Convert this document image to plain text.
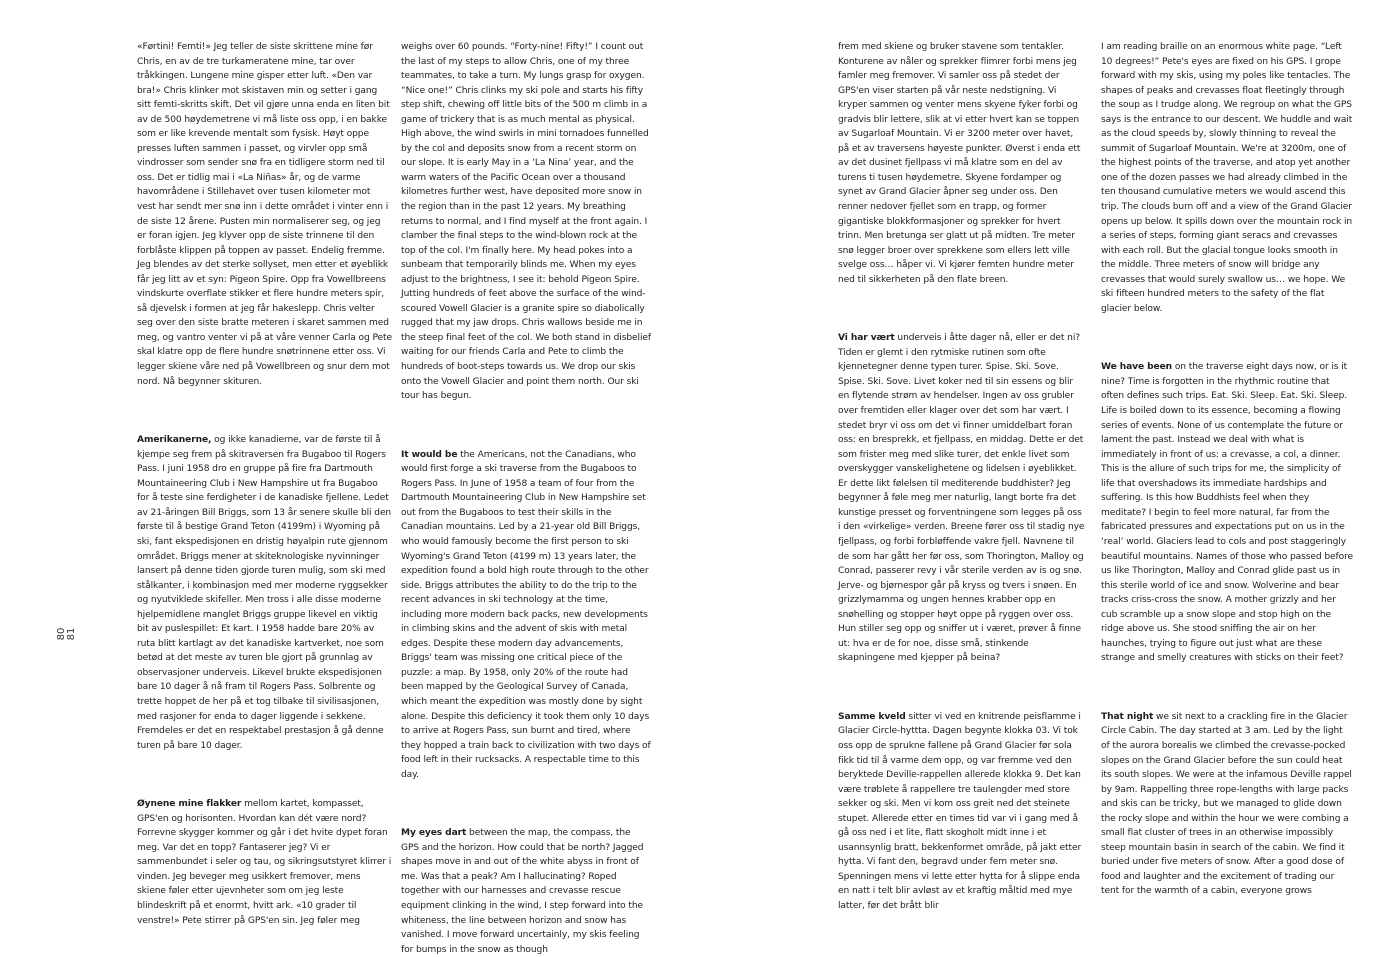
80 81

«Førtini! Femti!» Jeg teller de siste skrittene mine før Chris, en av de tre turkameratene mine, tar over tråkkingen. Lungene mine gisper etter luft. «Den var bra!» Chris klinker mot skistaven min og setter i gang sitt femti-skritts skift. Det vil gjøre unna enda en liten bit av de 500 høydemetrene vi må liste oss opp, i en bakke som er like krevende mentalt som fysisk. Høyt oppe presses luften sammen i passet, og virvler opp små vindrosser som sender snø fra en tidligere storm ned til oss. Det er tidlig mai i «La Niñas» år, og de varme havområdene i Stillehavet over tusen kilometer mot vest har sendt mer snø inn i dette området i vinter enn i de siste 12 årene. Pusten min normaliserer seg, og jeg er foran igjen. Jeg klyver opp de siste trinnene til den forblåste klippen på toppen av passet. Endelig fremme. Jeg blendes av det sterke sollyset, men etter et øyeblikk får jeg litt av et syn: Pigeon Spire. Opp fra Vowellbreens vindskurte overflate stikker et flere hundre meters spir, så djevelsk i formen at jeg får hakeslepp. Chris velter seg over den siste bratte meteren i skaret sammen med meg, og vantro venter vi på at våre venner Carla og Pete skal klatre opp de flere hundre snøtrinnene etter oss. Vi legger skiene våre ned på Vowellbreen og snur dem mot nord. Nå begynner skituren.

Amerikanerne, og ikke kanadierne, var de første til å kjempe seg frem på skitraversen fra Bugaboo til Rogers Pass. I juni 1958 dro en gruppe på fire fra Dartmouth Mountaineering Club i New Hampshire ut fra Bugaboo for å teste sine ferdigheter i de kanadiske fjellene. Ledet av 21-åringen Bill Briggs, som 13 år senere skulle bli den første til å bestige Grand Teton (4199m) i Wyoming på ski, fant ekspedisjonen en dristig høyalpin rute gjennom området. Briggs mener at skiteknologiske nyvinninger lansert på denne tiden gjorde turen mulig, som ski med stålkanter, i kombinasjon med mer moderne ryggsekker og nyutviklede skifeller. Men tross i alle disse moderne hjelpemidlene manglet Briggs gruppe likevel en viktig bit av puslespillet: Et kart. I 1958 hadde bare 20% av ruta blitt kartlagt av det kanadiske kartverket, noe som betød at det meste av turen ble gjort på grunnlag av observasjoner underveis. Likevel brukte ekspedisjonen bare 10 dager å nå fram til Rogers Pass. Solbrente og trette hoppet de her på et tog tilbake til sivilisasjonen, med rasjoner for enda to dager liggende i sekkene. Fremdeles er det en respektabel prestasjon å gå denne turen på bare 10 dager.

Øynene mine flakker mellom kartet, kompasset, GPS'en og horisonten. Hvordan kan dét være nord? Forrevne skygger kommer og går i det hvite dypet foran meg. Var det en topp? Fantaserer jeg? Vi er sammenbundet i seler og tau, og sikringsutstyret klirrer i vinden. Jeg beveger meg usikkert fremover, mens skiene føler etter ujevnheter som om jeg leste blindeskrift på et enormt, hvitt ark. «10 grader til venstre!» Pete stirrer på GPS'en sin. Jeg føler meg

weighs over 60 pounds. “Forty-nine! Fifty!” I count out the last of my steps to allow Chris, one of my three teammates, to take a turn. My lungs grasp for oxygen. “Nice one!” Chris clinks my ski pole and starts his fifty step shift, chewing off little bits of the 500 m climb in a game of trickery that is as much mental as physical. High above, the wind swirls in mini tornadoes funnelled by the col and deposits snow from a recent storm on our slope. It is early May in a ‘La Nina’ year, and the warm waters of the Pacific Ocean over a thousand kilometres further west, have deposited more snow in the region than in the past 12 years. My breathing returns to normal, and I find myself at the front again. I clamber the final steps to the wind-blown rock at the top of the col. I'm finally here. My head pokes into a sunbeam that temporarily blinds me. When my eyes adjust to the brightness, I see it: behold Pigeon Spire. Jutting hundreds of feet above the surface of the wind-scoured Vowell Glacier is a granite spire so diabolically rugged that my jaw drops. Chris wallows beside me in the steep final feet of the col. We both stand in disbelief waiting for our friends Carla and Pete to climb the hundreds of boot-steps towards us. We drop our skis onto the Vowell Glacier and point them north. Our ski tour has begun.

It would be the Americans, not the Canadians, who would first forge a ski traverse from the Bugaboos to Rogers Pass. In June of 1958 a team of four from the Dartmouth Mountaineering Club in New Hampshire set out from the Bugaboos to test their skills in the Canadian mountains. Led by a 21-year old Bill Briggs, who would famously become the first person to ski Wyoming's Grand Teton (4199 m) 13 years later, the expedition found a bold high route through to the other side. Briggs attributes the ability to do the trip to the recent advances in ski technology at the time, including more modern back packs, new developments in climbing skins and the advent of skis with metal edges. Despite these modern day advancements, Briggs' team was missing one critical piece of the puzzle: a map. By 1958, only 20% of the route had been mapped by the Geological Survey of Canada, which meant the expedition was mostly done by sight alone. Despite this deficiency it took them only 10 days to arrive at Rogers Pass, sun burnt and tired, where they hopped a train back to civilization with two days of food left in their rucksacks. A respectable time to this day.

My eyes dart between the map, the compass, the GPS and the horizon. How could that be north? Jagged shapes move in and out of the white abyss in front of me. Was that a peak? Am I hallucinating? Roped together with our harnesses and crevasse rescue equipment clinking in the wind, I step forward into the whiteness, the line between horizon and snow has vanished. I move forward uncertainly, my skis feeling for bumps in the snow as though

frem med skiene og bruker stavene som tentakler. Konturene av nåler og sprekker flimrer forbi mens jeg famler meg fremover. Vi samler oss på stedet der GPS'en viser starten på vår neste nedstigning. Vi kryper sammen og venter mens skyene fyker forbi og gradvis blir lettere, slik at vi etter hvert kan se toppen av Sugarloaf Mountain. Vi er 3200 meter over havet, på et av traversens høyeste punkter. Øverst i enda ett av det dusinet fjellpass vi må klatre som en del av turens ti tusen høydemetre. Skyene fordamper og synet av Grand Glacier åpner seg under oss. Den renner nedover fjellet som en trapp, og former gigantiske blokkformasjoner og sprekker for hvert trinn. Men bretunga ser glatt ut på midten. Tre meter snø legger broer over sprekkene som ellers lett ville svelge oss… håper vi. Vi kjører femten hundre meter ned til sikkerheten på den flate breen.

Vi har vært underveis i åtte dager nå, eller er det ni? Tiden er glemt i den rytmiske rutinen som ofte kjennetegner denne typen turer. Spise. Ski. Sove. Spise. Ski. Sove. Livet koker ned til sin essens og blir en flytende strøm av hendelser. Ingen av oss grubler over fremtiden eller klager over det som har vært. I stedet bryr vi oss om det vi finner umiddelbart foran oss: en bresprekk, et fjellpass, en middag. Dette er det som frister meg med slike turer, det enkle livet som overskygger vanskelighetene og lidelsen i øyeblikket. Er dette likt følelsen til mediterende buddhister? Jeg begynner å føle meg mer naturlig, langt borte fra det kunstige presset og forventningene som legges på oss i den «virkelige» verden. Breene fører oss til stadig nye fjellpass, og forbi forbløffende vakre fjell. Navnene til de som har gått her før oss, som Thorington, Malloy og Conrad, passerer revy i vår sterile verden av is og snø. Jerve- og bjørnespor går på kryss og tvers i snøen. En grizzlymamma og ungen hennes krabber opp en snøhelling og stopper høyt oppe på ryggen over oss. Hun stiller seg opp og sniffer ut i været, prøver å finne ut: hva er de for noe, disse små, stinkende skapningene med kjepper på beina?

Samme kveld sitter vi ved en knitrende peisflamme i Glacier Circle-hyttta. Dagen begynte klokka 03. Vi tok oss opp de sprukne fallene på Grand Glacier før sola fikk tid til å varme dem opp, og var fremme ved den beryktede Deville-rappellen allerede klokka 9. Det kan være trøblete å rappellere tre taulengder med store sekker og ski. Men vi kom oss greit ned det steinete stupet. Allerede etter en times tid var vi i gang med å gå oss ned i et lite, flatt skogholt midt inne i et usannsynlig bratt, bekkenformet område, på jakt etter hytta. Vi fant den, begravd under fem meter snø. Spenningen mens vi lette etter hytta for å slippe enda en natt i telt blir avløst av et kraftig måltid med mye latter, før det brått blir

I am reading braille on an enormous white page. “Left 10 degrees!” Pete's eyes are fixed on his GPS. I grope forward with my skis, using my poles like tentacles. The shapes of peaks and crevasses float fleetingly through the soup as I trudge along. We regroup on what the GPS says is the entrance to our descent. We huddle and wait as the cloud speeds by, slowly thinning to reveal the summit of Sugarloaf Mountain. We're at 3200m, one of the highest points of the traverse, and atop yet another one of the dozen passes we had already climbed in the ten thousand cumulative meters we would ascend this trip. The clouds burn off and a view of the Grand Glacier opens up below. It spills down over the mountain rock in a series of steps, forming giant seracs and crevasses with each roll. But the glacial tongue looks smooth in the middle. Three meters of snow will bridge any crevasses that would surely swallow us… we hope. We ski fifteen hundred meters to the safety of the flat glacier below.

We have been on the traverse eight days now, or is it nine? Time is forgotten in the rhythmic routine that often defines such trips. Eat. Ski. Sleep. Eat. Ski. Sleep. Life is boiled down to its essence, becoming a flowing series of events. None of us contemplate the future or lament the past. Instead we deal with what is immediately in front of us: a crevasse, a col, a dinner. This is the allure of such trips for me, the simplicity of life that overshadows its immediate hardships and suffering. Is this how Buddhists feel when they meditate? I begin to feel more natural, far from the fabricated pressures and expectations put on us in the ‘real’ world. Glaciers lead to cols and post staggeringly beautiful mountains. Names of those who passed before us like Thorington, Malloy and Conrad glide past us in this sterile world of ice and snow. Wolverine and bear tracks criss-cross the snow. A mother grizzly and her cub scramble up a snow slope and stop high on the ridge above us. She stood sniffing the air on her haunches, trying to figure out just what are these strange and smelly creatures with sticks on their feet?

That night we sit next to a crackling fire in the Glacier Circle Cabin. The day started at 3 am. Led by the light of the aurora borealis we climbed the crevasse-pocked slopes on the Grand Glacier before the sun could heat its south slopes. We were at the infamous Deville rappel by 9am. Rappelling three rope-lengths with large packs and skis can be tricky, but we managed to glide down the rocky slope and within the hour we were combing a small flat cluster of trees in an otherwise impossibly steep mountain basin in search of the cabin. We find it buried under five meters of snow. After a good dose of food and laughter and the excitement of trading our tent for the warmth of a cabin, everyone grows
